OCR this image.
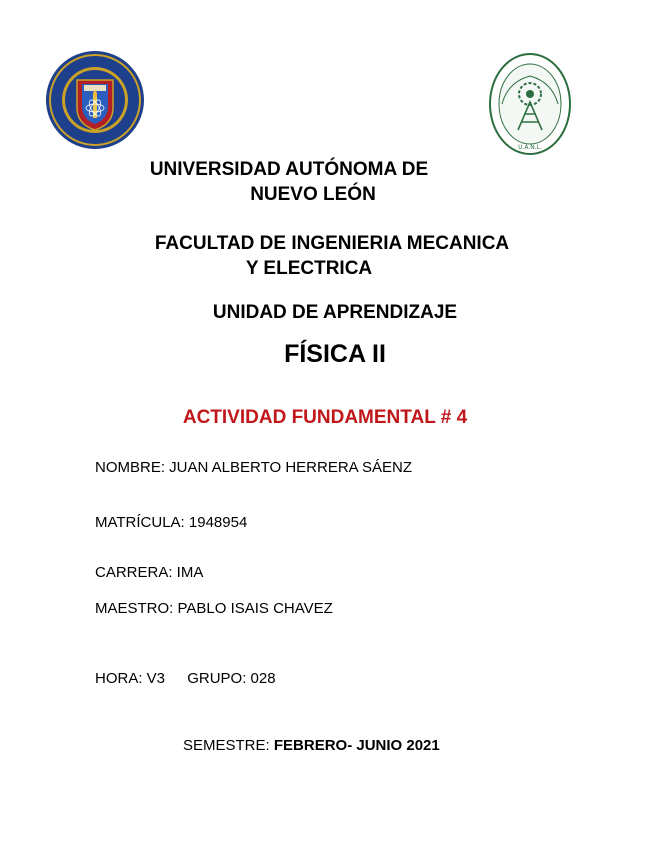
U.A.N.L.
UNIVERSIDAD AUTÓNOMA DE
NUEVO LEÓN
FACULTAD DE INGENIERIA MECANICA
Y ELECTRICA
UNIDAD DE APRENDIZAJE
FÍSICA II
ACTIVIDAD FUNDAMENTAL # 4
NOMBRE: JUAN ALBERTO HERRERA SÁENZ
MATRÍCULA: 1948954
CARRERA: IMA
MAESTRO: PABLO ISAIS CHAVEZ
HORA: V3 GRUPO: 028
SEMESTRE: FEBRERO- JUNIO 2021
